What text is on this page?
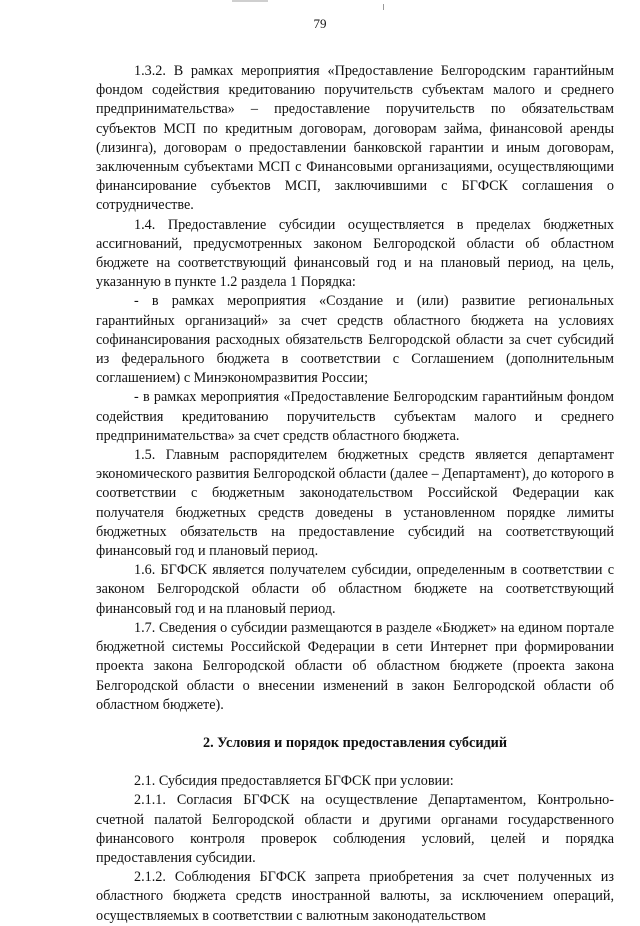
79

1.3.2. В рамках мероприятия «Предоставление Белгородским гарантийным фондом содействия кредитованию поручительств субъектам малого и среднего предпринимательства» – предоставление поручительств по обязательствам субъектов МСП по кредитным договорам, договорам займа, финансовой аренды (лизинга), договорам о предоставлении банковской гарантии и иным договорам, заключенным субъектами МСП с Финансовыми организациями, осуществляющими финансирование субъектов МСП, заключившими с БГФСК соглашения о сотрудничестве.

1.4. Предоставление субсидии осуществляется в пределах бюджетных ассигнований, предусмотренных законом Белгородской области об областном бюджете на соответствующий финансовый год и на плановый период, на цель, указанную в пункте 1.2 раздела 1 Порядка:

- в рамках мероприятия «Создание и (или) развитие региональных гарантийных организаций» за счет средств областного бюджета на условиях софинансирования расходных обязательств Белгородской области за счет субсидий из федерального бюджета в соответствии с Соглашением (дополнительным соглашением) с Минэкономразвития России;

- в рамках мероприятия «Предоставление Белгородским гарантийным фондом содействия кредитованию поручительств субъектам малого и среднего предпринимательства» за счет средств областного бюджета.

1.5. Главным распорядителем бюджетных средств является департамент экономического развития Белгородской области (далее – Департамент), до которого в соответствии с бюджетным законодательством Российской Федерации как получателя бюджетных средств доведены в установленном порядке лимиты бюджетных обязательств на предоставление субсидий на соответствующий финансовый год и плановый период.

1.6. БГФСК является получателем субсидии, определенным в соответствии с законом Белгородской области об областном бюджете на соответствующий финансовый год и на плановый период.

1.7. Сведения о субсидии размещаются в разделе «Бюджет» на едином портале бюджетной системы Российской Федерации в сети Интернет при формировании проекта закона Белгородской области об областном бюджете (проекта закона Белгородской области о внесении изменений в закон Белгородской области об областном бюджете).

2. Условия и порядок предоставления субсидий

2.1. Субсидия предоставляется БГФСК при условии:

2.1.1. Согласия БГФСК на осуществление Департаментом, Контрольно-счетной палатой Белгородской области и другими органами государственного финансового контроля проверок соблюдения условий, целей и порядка предоставления субсидии.

2.1.2. Соблюдения БГФСК запрета приобретения за счет полученных из областного бюджета средств иностранной валюты, за исключением операций, осуществляемых в соответствии с валютным законодательством
